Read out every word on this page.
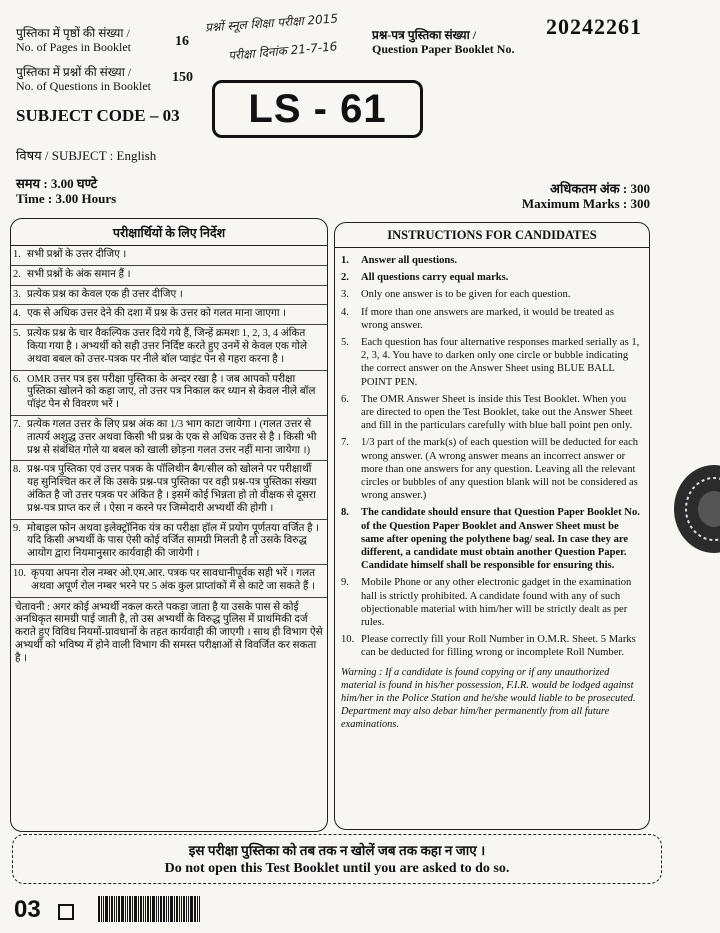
पुस्तिका में पृष्ठों की संख्या /
No. of Pages in Booklet	16
पुस्तिका में प्रश्नों की संख्या /
No. of Questions in Booklet
150
प्रश्नों स्नूल शिक्षा परीक्षा 2015
परीक्षा दिनांक 21-7-16
प्रश्न-पत्र पुस्तिका संख्या /
Question Paper Booklet No.
20242261
SUBJECT CODE – 03 LS - 61
विषय / SUBJECT : English
समय : 3.00 घण्टे
Time : 3.00 Hours
अधिकतम अंक : 300
Maximum Marks : 300
परीक्षार्थियों के लिए निर्देश
1. सभी प्रश्नों के उत्तर दीजिए ।
2. सभी प्रश्नों के अंक समान हैं ।
3. प्रत्येक प्रश्न का केवल एक ही उत्तर दीजिए ।
4. एक से अधिक उत्तर देने की दशा में प्रश्न के उत्तर को गलत माना जाएगा ।
5. प्रत्येक प्रश्न के चार वैकल्पिक उत्तर दिये गये हैं, जिन्हें क्रमशः 1, 2, 3, 4 अंकित किया गया है । अभ्यर्थी को सही उत्तर निर्दिष्ट करते हुए उनमें से केवल एक गोले अथवा बबल को उत्तर-पत्रक पर नीले बॉल प्वाइंट पेन से गहरा करना है ।
6. OMR उत्तर पत्र इस परीक्षा पुस्तिका के अन्दर रखा है । जब आपको परीक्षा पुस्तिका खोलने को कहा जाए, तो उत्तर पत्र निकाल कर ध्यान से केवल नीले बॉल पॉइंट पेन से विवरण भरें ।
7. प्रत्येक गलत उत्तर के लिए प्रश्न अंक का 1/3 भाग काटा जायेगा । (गलत उत्तर से तात्पर्य अशुद्ध उत्तर अथवा किसी भी प्रश्न के एक से अधिक उत्तर से है । किसी भी प्रश्न से संबंधित गोले या बबल को खाली छोड़ना गलत उत्तर नहीं माना जायेगा ।)
8. प्रश्न-पत्र पुस्तिका एवं उत्तर पत्रक के पॉलिथीन बैग/सील को खोलने पर परीक्षार्थी यह सुनिश्चित कर लें कि उसके प्रश्न-पत्र पुस्तिका पर वही प्रश्न-पत्र पुस्तिका संख्या अंकित है जो उत्तर पत्रक पर अंकित है । इसमें कोई भिन्नता हो तो वीक्षक से दूसरा प्रश्न-पत्र प्राप्त कर लें । ऐसा न करने पर जिम्मेदारी अभ्यर्थी की होगी ।
9. मोबाइल फोन अथवा इलेक्ट्रॉनिक यंत्र का परीक्षा हॉल में प्रयोग पूर्णतया वर्जित है । यदि किसी अभ्यर्थी के पास ऐसी कोई वर्जित सामग्री मिलती है तो उसके विरुद्ध आयोग द्वारा नियमानुसार कार्यवाही की जायेगी ।
10. कृपया अपना रोल नम्बर ओ.एम.आर. पत्रक पर सावधानीपूर्वक सही भरें । गलत अथवा अपूर्ण रोल नम्बर भरने पर 5 अंक कुल प्राप्तांकों में से काटे जा सकते हैं ।
चेतावनी : अगर कोई अभ्यर्थी नकल करते पकड़ा जाता है या उसके पास से कोई अनधिकृत सामग्री पाई जाती है, तो उस अभ्यर्थी के विरुद्ध पुलिस में प्राथमिकी दर्ज कराते हुए विविध नियमों-प्रावधानों के तहत कार्यवाही की जाएगी । साथ ही विभाग ऐसे अभ्यर्थी को भविष्य में होने वाली विभाग की समस्त परीक्षाओं से विवर्जित कर सकता है ।
INSTRUCTIONS FOR CANDIDATES
1.	Answer all questions.
2.	All questions carry equal marks.
3.	Only one answer is to be given for each question.
4.	If more than one answers are marked, it would be treated as wrong answer.
5.	Each question has four alternative responses marked serially as 1, 2, 3, 4. You have to darken only one circle or bubble indicating the correct answer on the Answer Sheet using BLUE BALL POINT PEN.
6.	The OMR Answer Sheet is inside this Test Booklet. When you are directed to open the Test Booklet, take out the Answer Sheet and fill in the particulars carefully with blue ball point pen only.
7.	1/3 part of the mark(s) of each question will be deducted for each wrong answer. (A wrong answer means an incorrect answer or more than one answers for any question. Leaving all the relevant circles or bubbles of any question blank will not be considered as wrong answer.)
8.	The candidate should ensure that Question Paper Booklet No. of the Question Paper Booklet and Answer Sheet must be same after opening the polythene bag/ seal. In case they are different, a candidate must obtain another Question Paper. Candidate himself shall be responsible for ensuring this.
9.	Mobile Phone or any other electronic gadget in the examination hall is strictly prohibited. A candidate found with any of such objectionable material with him/her will be strictly dealt as per rules.
10. Please correctly fill your Roll Number in O.M.R. Sheet. 5 Marks can be deducted for filling wrong or incomplete Roll Number.
Warning : If a candidate is found copying or if any unauthorized material is found in his/her possession, F.I.R. would be lodged against him/her in the Police Station and he/she would liable to be prosecuted. Department may also debar him/her permanently from all future examinations.
इस परीक्षा पुस्तिका को तब तक न खोलें जब तक कहा न जाए ।
Do not open this Test Booklet until you are asked to do so.
03
